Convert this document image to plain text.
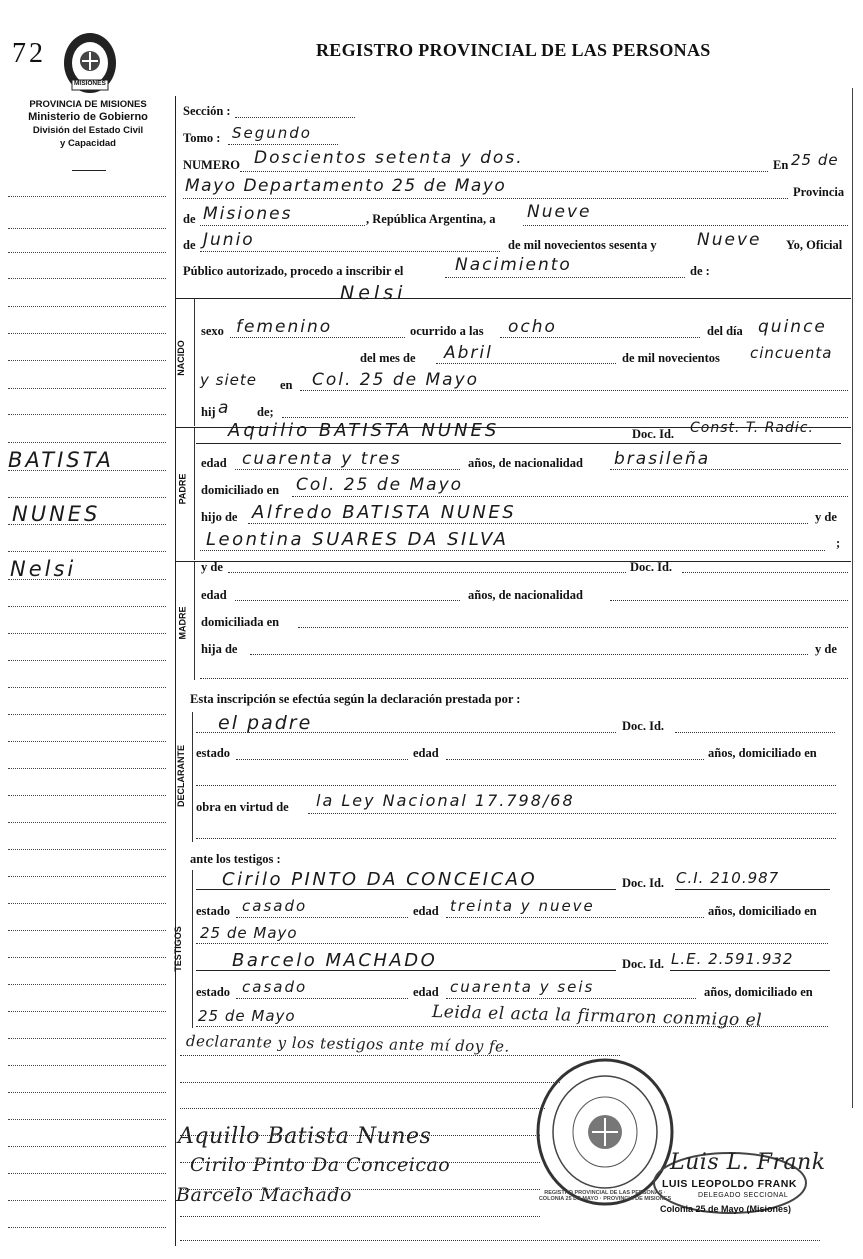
72
MISIONES
REGISTRO PROVINCIAL DE LAS PERSONAS
PROVINCIA DE MISIONES
Ministerio de Gobierno
División del Estado Civil
y Capacidad
NACIDO
PADRE
MADRE
DECLARANTE
TESTIGOS
BATISTA
NUNES
Nelsi
Sección :
Tomo : Segundo
NUMERO Doscientos setenta y dos.	En 25 de
Mayo Departamento 25 de Mayo	Provincia
de Misiones	, República Argentina, a Nueve
de Junio	de mil novecientos sesenta y Nueve Yo, Oficial
Público autorizado, procedo a inscribir el	Nacimiento	de :
Nelsi
sexo femenino	ocurrido a las ocho	del día quince
del mes de Abril	de mil novecientos cincuenta
y siete en Col. 25 de Mayo
hij a de;
Aquilio BATISTA NUNES	Doc. Id. Const. T. Radic.
edad cuarenta y tres	años, de nacionalidad brasileña
domiciliado en Col. 25 de Mayo
hijo de Alfredo BATISTA NUNES	y de
Leontina SUARES DA SILVA	;
y de	Doc. Id.
edad	años, de nacionalidad
domiciliada en
hija de	y de
Esta inscripción se efectúa según la declaración prestada por :
el padre	Doc. Id.
estado	edad	años, domiciliado en
obra en virtud de la Ley Nacional 17.798/68
ante los testigos :
Cirilo PINTO DA CONCEICAO	Doc. Id. C.I. 210.987
estado casado	edad treinta y nueve	años, domiciliado en
25 de Mayo
Barcelo MACHADO	Doc. Id. L.E. 2.591.932
estado casado	edad cuarenta y seis	años, domiciliado en
25 de Mayo	Leida el acta la firmaron conmigo el
declarante y los testigos ante mí doy fe.
Aquillo Batista Nunes
Cirilo Pinto Da Conceicao
Barcelo Machado	REGISTRO PROVINCIAL DE LAS PERSONAS · COLONIA 25 DE MAYO · PROVINCIA DE MISIONES
Luis L. Frank
LUIS LEOPOLDO FRANK
DELEGADO SECCIONAL
Colonia 25 de Mayo (Misiones)
